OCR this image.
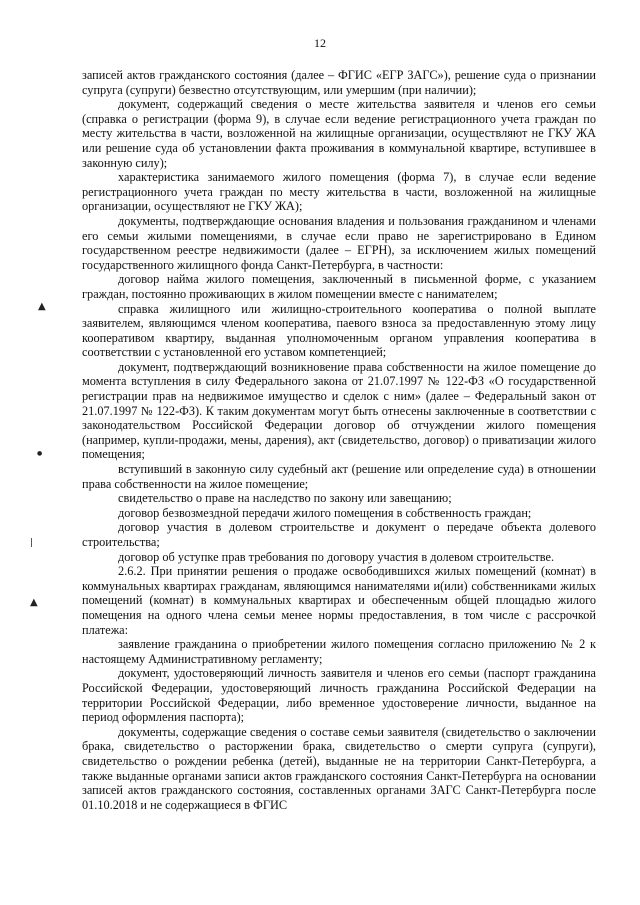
12

записей актов гражданского состояния (далее – ФГИС «ЕГР ЗАГС»), решение суда о признании супруга (супруги) безвестно отсутствующим, или умершим (при наличии);

документ, содержащий сведения о месте жительства заявителя и членов его семьи (справка о регистрации (форма 9), в случае если ведение регистрационного учета граждан по месту жительства в части, возложенной на жилищные организации, осуществляют не ГКУ ЖА или решение суда об установлении факта проживания в коммунальной квартире, вступившее в законную силу);

характеристика занимаемого жилого помещения (форма 7), в случае если ведение регистрационного учета граждан по месту жительства в части, возложенной на жилищные организации, осуществляют не ГКУ ЖА);

документы, подтверждающие основания владения и пользования гражданином и членами его семьи жилыми помещениями, в случае если право не зарегистрировано в Едином государственном реестре недвижимости (далее – ЕГРН), за исключением жилых помещений государственного жилищного фонда Санкт-Петербурга, в частности:

договор найма жилого помещения, заключенный в письменной форме, с указанием граждан, постоянно проживающих в жилом помещении вместе с нанимателем;

справка жилищного или жилищно-строительного кооператива о полной выплате заявителем, являющимся членом кооператива, паевого взноса за предоставленную этому лицу кооперативом квартиру, выданная уполномоченным органом управления кооператива в соответствии с установленной его уставом компетенцией;

документ, подтверждающий возникновение права собственности на жилое помещение до момента вступления в силу Федерального закона от 21.07.1997 № 122-ФЗ «О государственной регистрации прав на недвижимое имущество и сделок с ним» (далее – Федеральный закон от 21.07.1997 № 122-ФЗ). К таким документам могут быть отнесены заключенные в соответствии с законодательством Российской Федерации договор об отчуждении жилого помещения (например, купли-продажи, мены, дарения), акт (свидетельство, договор) о приватизации жилого помещения;

вступивший в законную силу судебный акт (решение или определение суда) в отношении права собственности на жилое помещение;

свидетельство о праве на наследство по закону или завещанию;

договор безвозмездной передачи жилого помещения в собственность граждан;

договор участия в долевом строительстве и документ о передаче объекта долевого строительства;

договор об уступке прав требования по договору участия в долевом строительстве.

2.6.2. При принятии решения о продаже освободившихся жилых помещений (комнат) в коммунальных квартирах гражданам, являющимся нанимателями и(или) собственниками жилых помещений (комнат) в коммунальных квартирах и обеспеченным общей площадью жилого помещения на одного члена семьи менее нормы предоставления, в том числе с рассрочкой платежа:

заявление гражданина о приобретении жилого помещения согласно приложению № 2 к настоящему Административному регламенту;

документ, удостоверяющий личность заявителя и членов его семьи (паспорт гражданина Российской Федерации, удостоверяющий личность гражданина Российской Федерации на территории Российской Федерации, либо временное удостоверение личности, выданное на период оформления паспорта);

документы, содержащие сведения о составе семьи заявителя (свидетельство о заключении брака, свидетельство о расторжении брака, свидетельство о смерти супруга (супруги), свидетельство о рождении ребенка (детей), выданные не на территории Санкт-Петербурга, а также выданные органами записи актов гражданского состояния Санкт-Петербурга на основании записей актов гражданского состояния, составленных органами ЗАГС Санкт-Петербурга после 01.10.2018 и не содержащиеся в ФГИС

▲
●
|
▲
